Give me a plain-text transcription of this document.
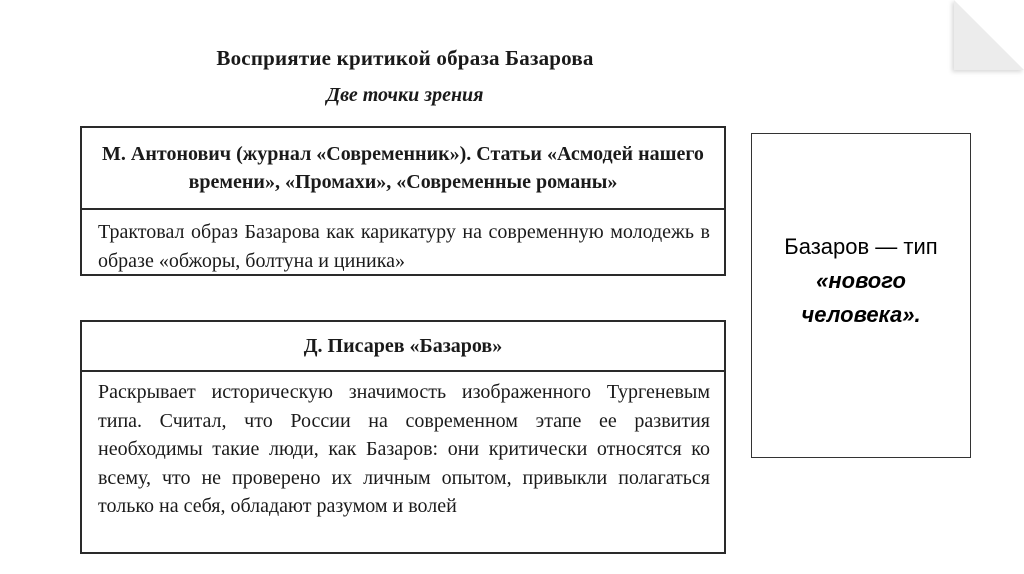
Восприятие критикой образа Базарова
Две точки зрения
М. Антонович (журнал «Современник»). Статьи «Асмодей нашего времени», «Промахи», «Современные романы»
Трактовал образ Базарова как карикатуру на современную молодежь в образе «обжоры, болтуна и циника»
Д. Писарев «Базаров»
Раскрывает историческую значимость изображенного Тургеневым типа. Считал, что России на современном этапе ее развития необходимы такие люди, как Базаров: они критически относятся ко всему, что не проверено их личным опытом, привыкли полагаться только на себя, обладают разумом и волей
Базаров — тип
«нового
человека».
